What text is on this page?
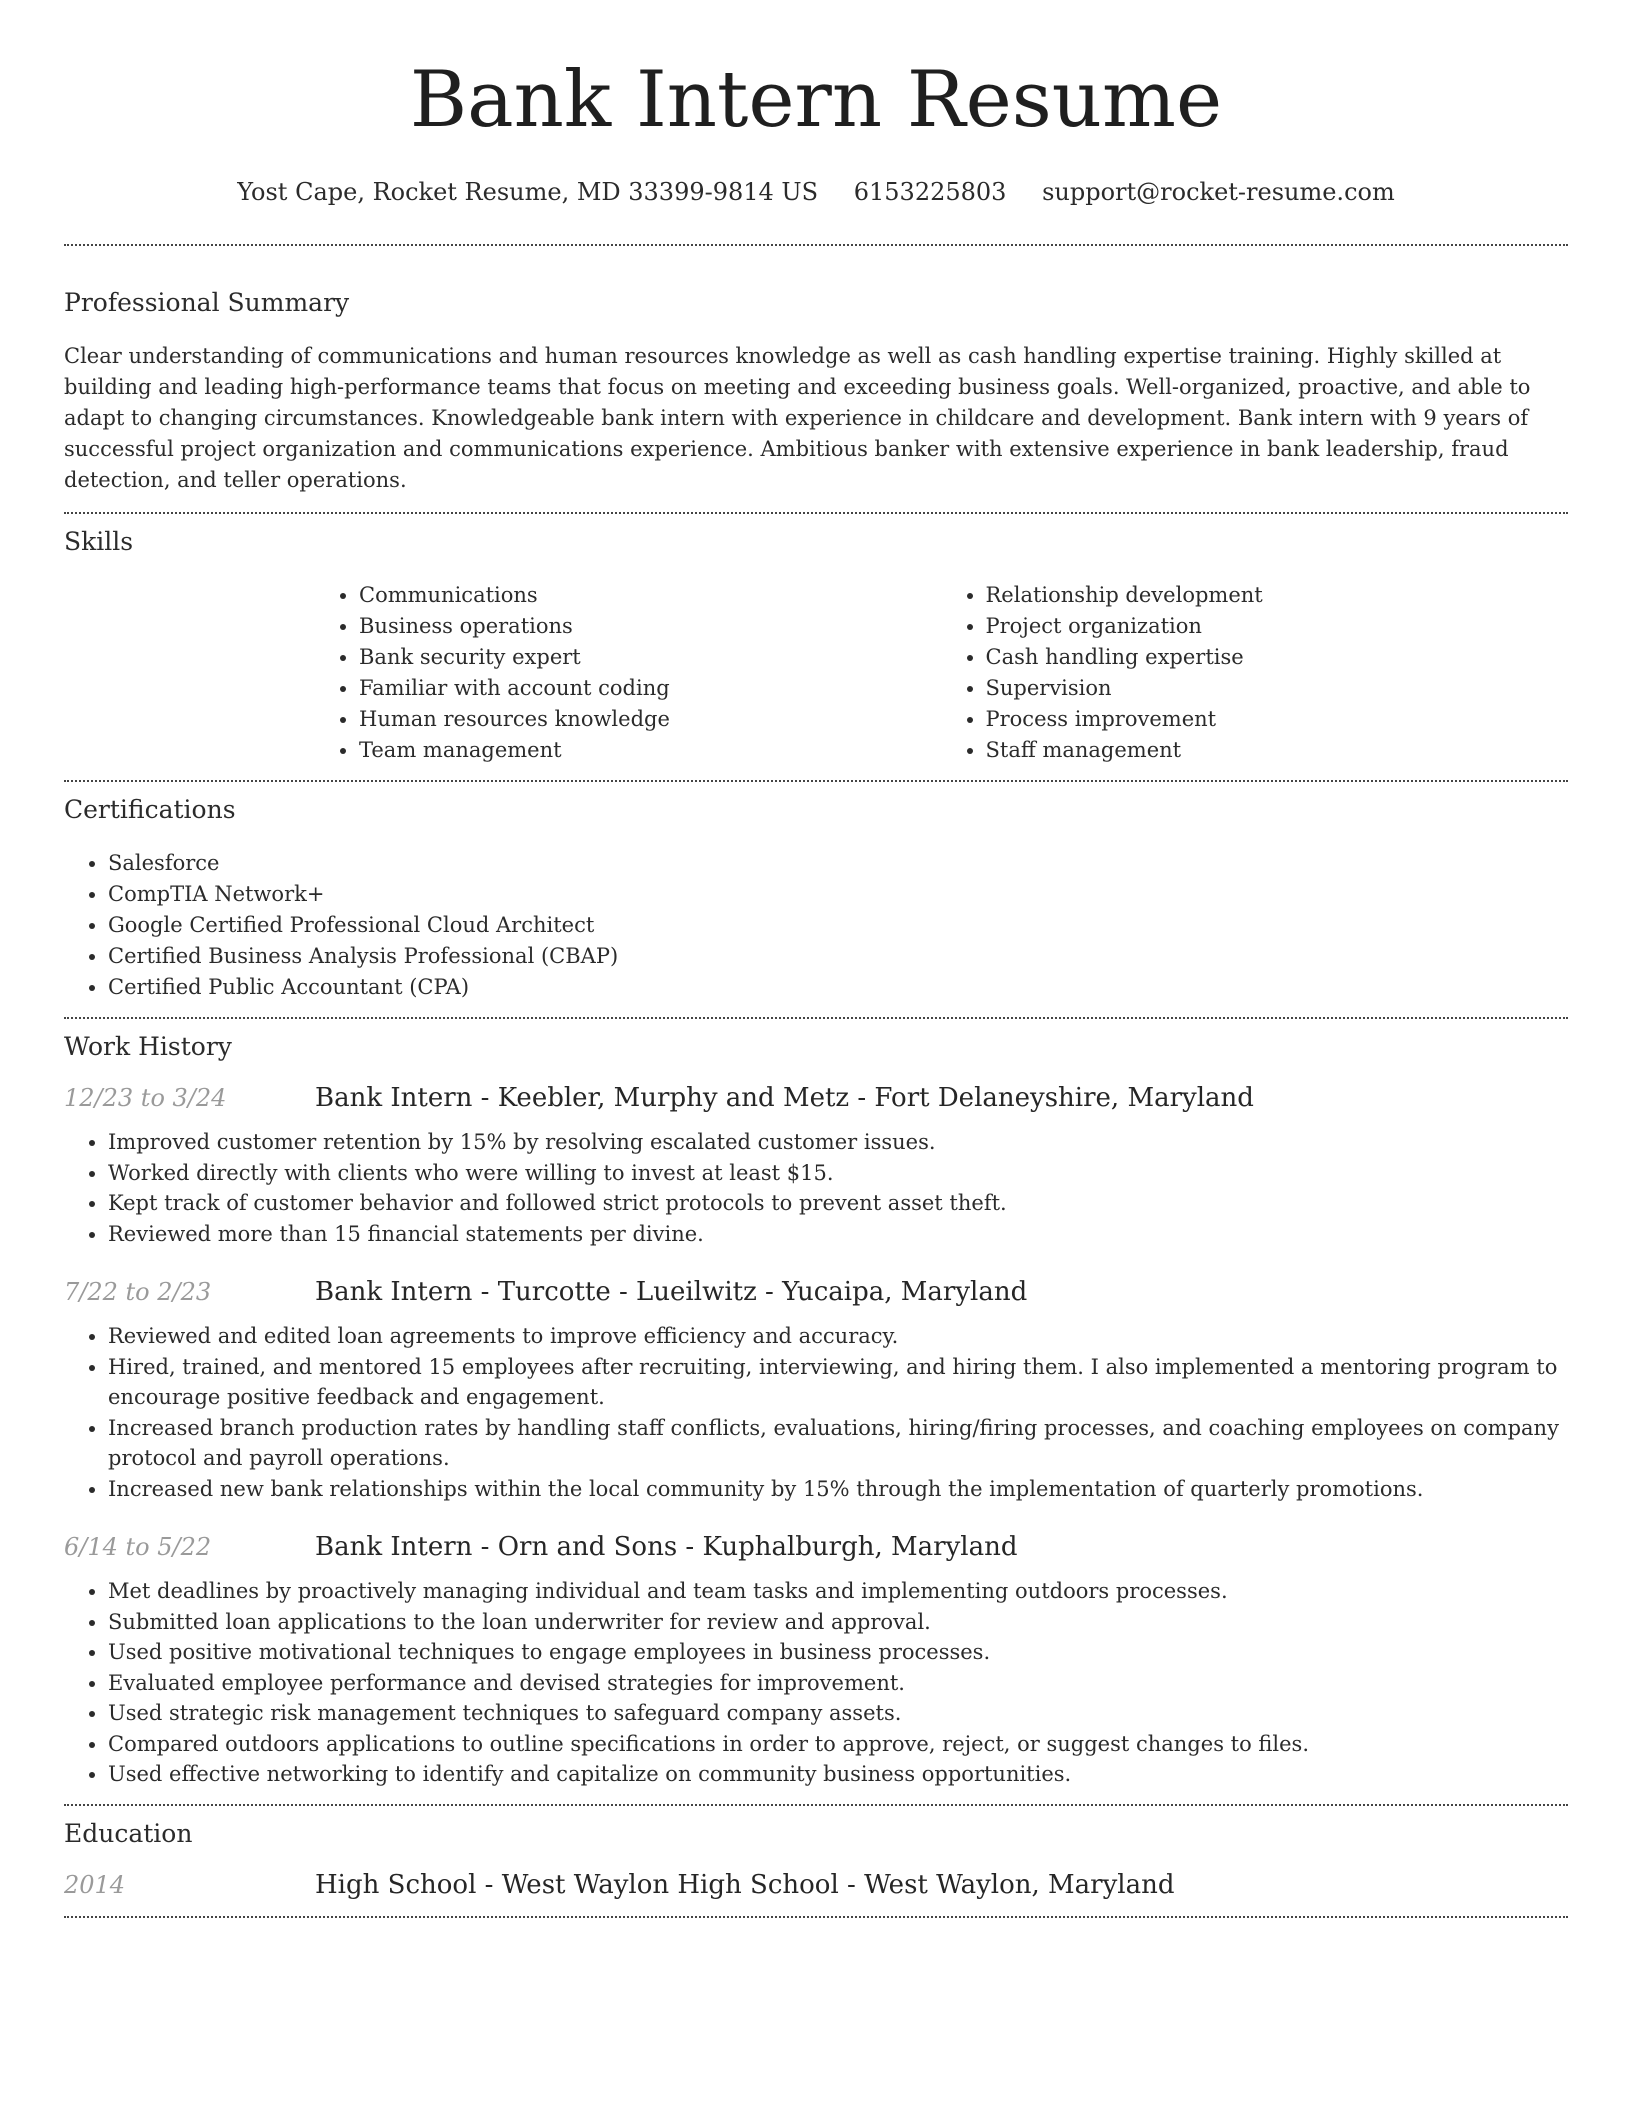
Bank Intern Resume
Yost Cape, Rocket Resume, MD 33399-9814 US 6153225803 support@rocket-resume.com
Professional Summary

Clear understanding of communications and human resources knowledge as well as cash handling expertise training. Highly skilled at building and leading high-performance teams that focus on meeting and exceeding business goals. Well-organized, proactive, and able to adapt to changing circumstances. Knowledgeable bank intern with experience in childcare and development. Bank intern with 9 years of successful project organization and communications experience. Ambitious banker with extensive experience in bank leadership, fraud detection, and teller operations.

Skills
• Communications
• Business operations
• Bank security expert
• Familiar with account coding
• Human resources knowledge
• Team management
• Relationship development
• Project organization
• Cash handling expertise
• Supervision
• Process improvement
• Staff management
Certifications
• Salesforce
• CompTIA Network+
• Google Certified Professional Cloud Architect
• Certified Business Analysis Professional (CBAP)
• Certified Public Accountant (CPA)
Work History
12/23 to 3/24	Bank Intern - Keebler, Murphy and Metz - Fort Delaneyshire, Maryland
• Improved customer retention by 15% by resolving escalated customer issues.
• Worked directly with clients who were willing to invest at least $15.
• Kept track of customer behavior and followed strict protocols to prevent asset theft.
• Reviewed more than 15 financial statements per divine.
7/22 to 2/23	Bank Intern - Turcotte - Lueilwitz - Yucaipa, Maryland
• Reviewed and edited loan agreements to improve efficiency and accuracy.
• Hired, trained, and mentored 15 employees after recruiting, interviewing, and hiring them. I also implemented a mentoring program to encourage positive feedback and engagement.
• Increased branch production rates by handling staff conflicts, evaluations, hiring/firing processes, and coaching employees on company protocol and payroll operations.
• Increased new bank relationships within the local community by 15% through the implementation of quarterly promotions.
6/14 to 5/22	Bank Intern - Orn and Sons - Kuphalburgh, Maryland
• Met deadlines by proactively managing individual and team tasks and implementing outdoors processes.
• Submitted loan applications to the loan underwriter for review and approval.
• Used positive motivational techniques to engage employees in business processes.
• Evaluated employee performance and devised strategies for improvement.
• Used strategic risk management techniques to safeguard company assets.
• Compared outdoors applications to outline specifications in order to approve, reject, or suggest changes to files.
• Used effective networking to identify and capitalize on community business opportunities.
Education
2014	High School - West Waylon High School - West Waylon, Maryland
